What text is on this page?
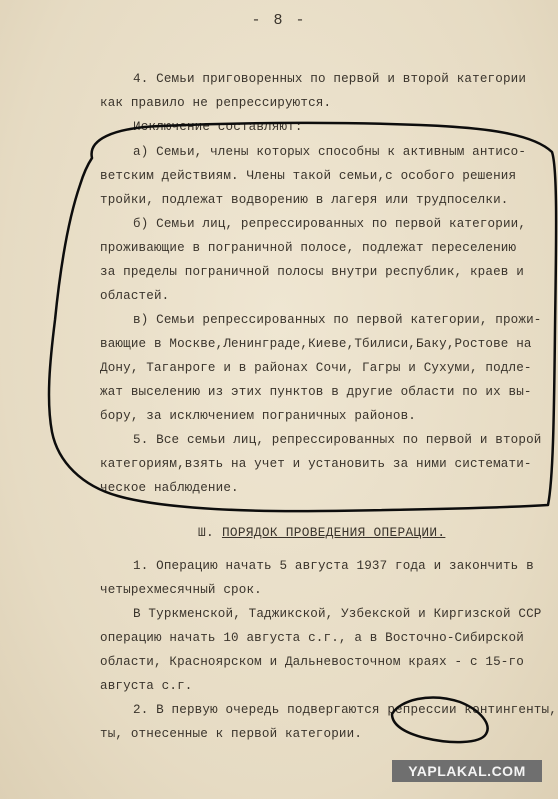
- 8 -
4. Семьи приговоренных по первой и второй категории
как правило не репрессируются.
Исключение составляют:
а) Семьи, члены которых способны к активным антисо-
ветским действиям. Члены такой семьи,с особого решения
тройки, подлежат водворению в лагеря или трудпоселки.
б) Семьи лиц, репрессированных по первой категории,
проживающие в пограничной полосе, подлежат переселению
за пределы пограничной полосы внутри республик, краев и
областей.
в) Семьи репрессированных по первой категории, прожи-
вающие в Москве,Ленинграде,Киеве,Тбилиси,Баку,Ростове на
Дону, Таганроге и в районах Сочи, Гагры и Сухуми, подле-
жат выселению из этих пунктов в другие области по их вы-
бору, за исключением пограничных районов.
5. Все семьи лиц, репрессированных по первой и второй
категориям,взять на учет и установить за ними системати-
ческое наблюдение.
Ш. ПОРЯДОК ПРОВЕДЕНИЯ ОПЕРАЦИИ.
1. Операцию начать 5 августа 1937 года и закончить в
четырехмесячный срок.
В Туркменской, Таджикской, Узбекской и Киргизской ССР
операцию начать 10 августа с.г., а в Восточно-Сибирской
области, Красноярском и Дальневосточном краях - с 15-го
августа с.г.
2. В первую очередь подвергаются репрессии контингенты,
ты, отнесенные к первой категории.
YAPLAKAL.COM
